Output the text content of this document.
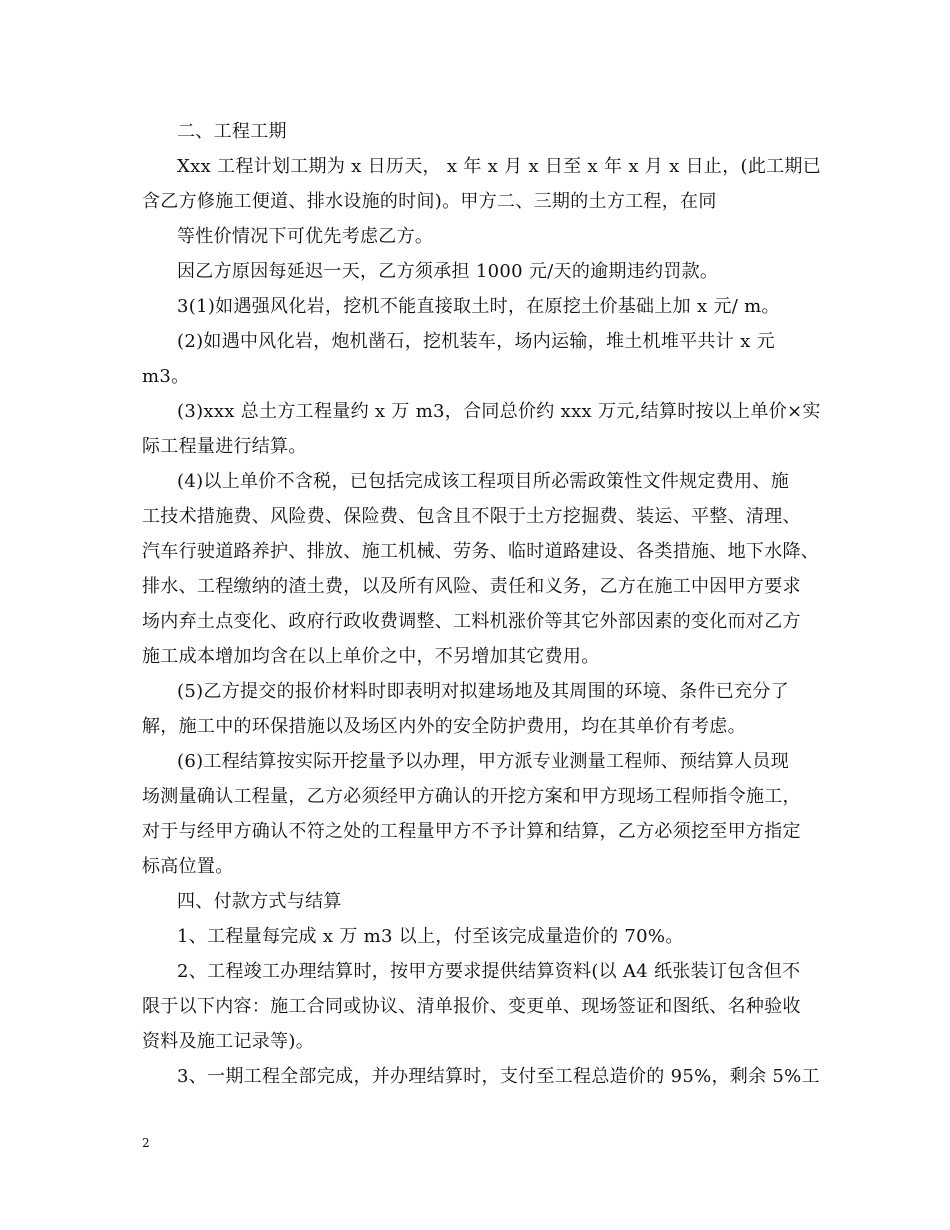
二、工程工期
Xxx 工程计划工期为 x 日历天， x 年 x 月 x 日至 x 年 x 月 x 日止，(此工期已
含乙方修施工便道、排水设施的时间)。甲方二、三期的土方工程，在同
等性价情况下可优先考虑乙方。
因乙方原因每延迟一天，乙方须承担 1000 元/天的逾期违约罚款。
3(1)如遇强风化岩，挖机不能直接取土时，在原挖土价基础上加 x 元/ m。
(2)如遇中风化岩，炮机凿石，挖机装车，场内运输，堆土机堆平共计 x 元
m3。
(3)xxx 总土方工程量约 x 万 m3，合同总价约 xxx 万元,结算时按以上单价×实
际工程量进行结算。
(4)以上单价不含税，已包括完成该工程项目所必需政策性文件规定费用、施
工技术措施费、风险费、保险费、包含且不限于土方挖掘费、装运、平整、清理、
汽车行驶道路养护、排放、施工机械、劳务、临时道路建设、各类措施、地下水降、
排水、工程缴纳的渣土费，以及所有风险、责任和义务，乙方在施工中因甲方要求
场内弃土点变化、政府行政收费调整、工料机涨价等其它外部因素的变化而对乙方
施工成本增加均含在以上单价之中，不另增加其它费用。
(5)乙方提交的报价材料时即表明对拟建场地及其周围的环境、条件已充分了
解，施工中的环保措施以及场区内外的安全防护费用，均在其单价有考虑。
(6)工程结算按实际开挖量予以办理，甲方派专业测量工程师、预结算人员现
场测量确认工程量，乙方必须经甲方确认的开挖方案和甲方现场工程师指令施工，
对于与经甲方确认不符之处的工程量甲方不予计算和结算，乙方必须挖至甲方指定
标高位置。
四、付款方式与结算
1、工程量每完成 x 万 m3 以上，付至该完成量造价的 70%。
2、工程竣工办理结算时，按甲方要求提供结算资料(以 A4 纸张装订包含但不
限于以下内容：施工合同或协议、清单报价、变更单、现场签证和图纸、名种验收
资料及施工记录等)。
3、一期工程全部完成，并办理结算时，支付至工程总造价的 95%，剩余 5%工
2
